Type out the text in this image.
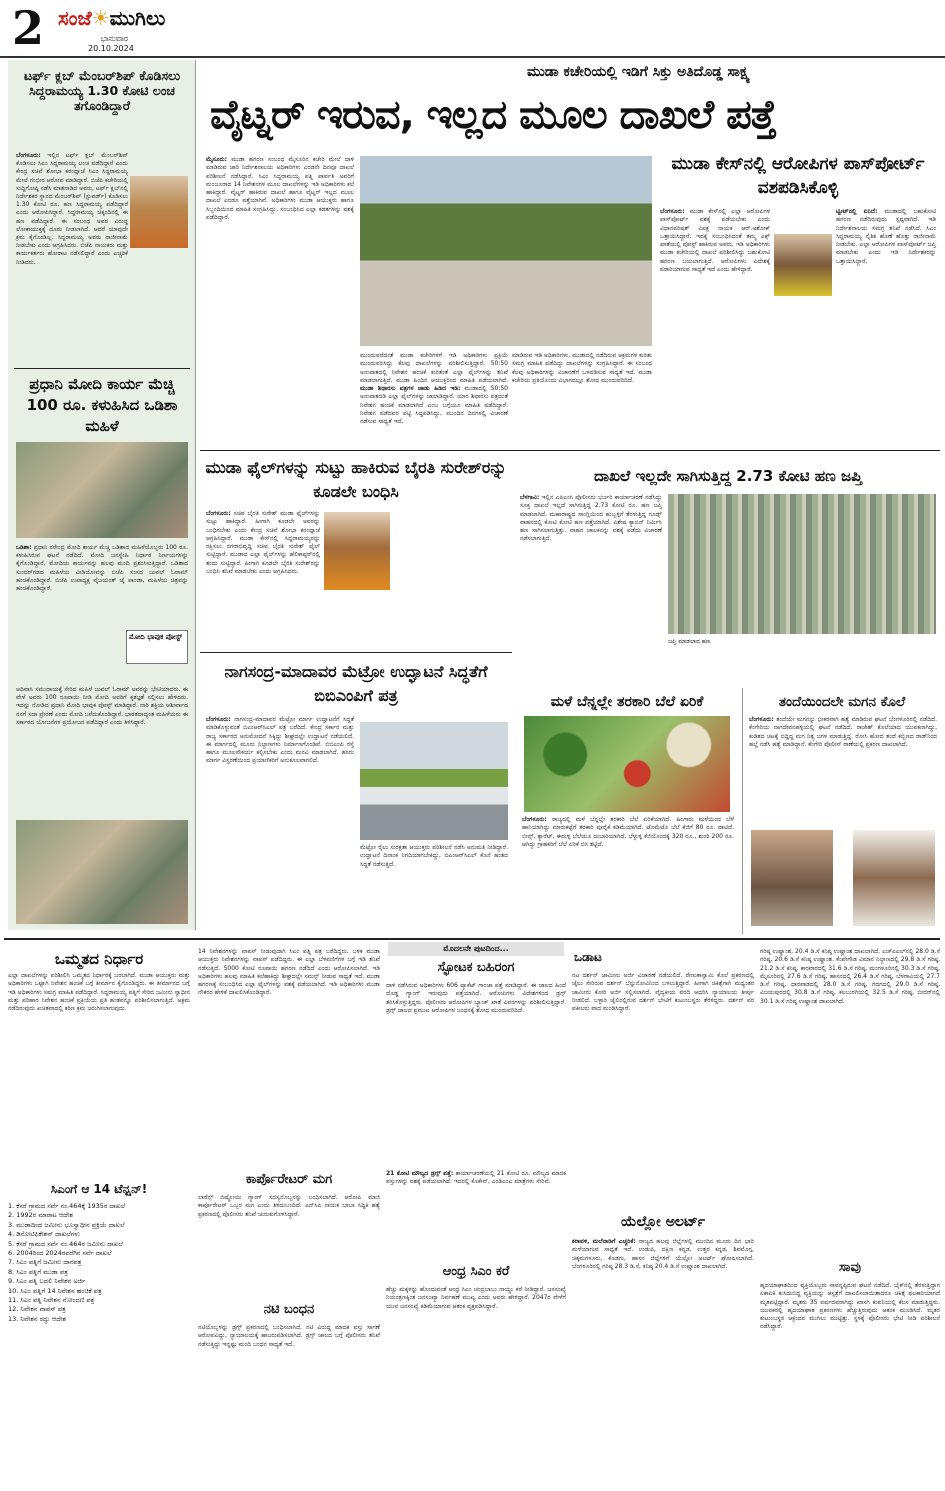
2 ಸಂಜೆ☀ಮುಗಿಲು
ಭಾನುವಾರ
20.10.2024
ಟರ್ಫ್ ಕ್ಲಬ್ ಮೆಂಬರ್‌ಶಿಪ್ ಕೊಡಿಸಲು ಸಿದ್ದರಾಮಯ್ಯ 1.30 ಕೋಟಿ ಲಂಚ ತಗೊಂಡಿದ್ದಾರೆ
ಬೆಂಗಳೂರು: ಇಲ್ಲಿನ ಟರ್ಫ್ ಕ್ಲಬ್ ಮೆಂಬರ್‌ಶಿಪ್ ಕೊಡಿಸಲು ಸಿಎಂ ಸಿದ್ದರಾಮಯ್ಯ ಲಂಚ ಪಡೆದಿದ್ದಾರೆ ಎಂದು ಕೇಂದ್ರ ಸಚಿವೆ ಶೋಭಾ ಕರಂದ್ಲಾಜೆ ಸಿಎಂ ಸಿದ್ದರಾಮಯ್ಯ ಮೇಲೆ ಗಂಭೀರ ಆರೋಪ ಮಾಡಿದ್ದಾರೆ. ಬಿಜೆಪಿ ಕಚೇರಿಯಲ್ಲಿ ಸುದ್ದಿಗೋಷ್ಠಿ ನಡೆಸಿ ಮಾತನಾಡಿದ ಅವರು, ಟರ್ಫ್ ಕ್ಲಬ್‌ನಲ್ಲಿ ನಿರ್ದೇಶಕರ ಸ್ಥಾನದ ಮೆಂಬರ್‌ಶಿಪ್ (ಸ್ಟುವರ್ಡ್) ಕೊಡಿಸಲು 1.30 ಕೋಟಿ ರೂ. ಹಣ ಸಿದ್ದರಾಮಯ್ಯ ಪಡೆದಿದ್ದಾರೆ ಎಂದು ಆರೋಪಿಸಿದ್ದಾರೆ. ಸಿದ್ದರಾಮಯ್ಯ ಚಿಕ್ಕಂದಿನಲ್ಲಿ ಈ ಹಣ ಪಡೆದಿದ್ದಾರೆ. ಈ ಸಂಬಂಧ ಅವರ ವಿರುದ್ಧ ಲೋಕಾಯುಕ್ತಕ್ಕೆ ದೂರು ನೀಡಲಾಗಿದೆ. ಆದರೆ ಯಾವುದೇ ಕ್ರಮ ಕೈಗೊಂಡಿಲ್ಲ. ಸಿದ್ದರಾಮಯ್ಯ ಅವರು ರಾಜೀನಾಮೆ ನೀಡಬೇಕು ಎಂದು ಆಗ್ರಹಿಸಿದರು. ಬಿಜೆಪಿ ನಾಯಕರು ಮತ್ತು ಕಾರ್ಯಕರ್ತರು ಹೋರಾಟ ನಡೆಸಲಿದ್ದಾರೆ ಎಂದು ಎಚ್ಚರಿಕೆ ನೀಡಿದರು.
ಪ್ರಧಾನಿ ಮೋದಿ ಕಾರ್ಯ ಮೆಚ್ಚಿ 100 ರೂ. ಕಳುಹಿಸಿದ ಒಡಿಶಾ ಮಹಿಳೆ
ಒಡಿಶಾ: ಪ್ರಧಾನಿ ನರೇಂದ್ರ ಮೋದಿ ಕಾರ್ಯ ಮೆಚ್ಚಿ ಒಡಿಶಾದ ಮಹಿಳೆಯೊಬ್ಬರು 100 ರೂ. ಕಳುಹಿಸಿರುವ ಘಟನೆ ನಡೆದಿದೆ. ಮೋದಿ ಜನಸ್ನೇಹಿ ನಿರ್ಧಾರ ನಿರ್ಣಯಗಳನ್ನು ಕೈಗೊಂಡಿದ್ದಾರೆ, ಮೋದಿಯ ಕಾರ್ಯವನ್ನು ಹಲವು ಮಂದಿ ಪ್ರಶಂಸಿಸುತ್ತಿದ್ದಾರೆ. ಒಡಿಶಾದ ಸುಂದರ್‌ಗಡದ ಮಹಿಳೆಯ ವೀಡಿಯೋವನ್ನು ಬಿಜೆಪಿ ಸಂಸದ ಜುವಲ್ ಓರಾಮ್ ಹಂಚಿಕೊಂಡಿದ್ದಾರೆ. ಬಿಜೆಪಿ ಉಪಾಧ್ಯಕ್ಷ ವೈಜಯಂತ್ ಜೈ ಪಾಂಡಾ, ಮಹಿಳೆಯ ಚಿತ್ರವನ್ನು ಹಂಚಿಕೊಂಡಿದ್ದಾರೆ.
ಮೋದಿ ಭಾವುಕ ಪೋಸ್ಟ್
ಆದಿವಾಸಿ ಸಮುದಾಯಕ್ಕೆ ಸೇರಿದ ಮಹಿಳೆ ಜುವಲ್ ಓರಾಮ್ ಅವರನ್ನು ಭೇಟಿಯಾದರು. ಈ ವೇಳೆ ಅವರು 100 ರೂಪಾಯಿ ನೀಡಿ ಮೋದಿ ಅವರಿಗೆ ಕೃತಜ್ಞತೆ ಸಲ್ಲಿಸಲು ಹೇಳಿದರು. ಇದನ್ನು ನೋಡಿದ ಪ್ರಧಾನಿ ಮೋದಿ ಭಾವುಕ ಪೋಸ್ಟ್ ಮಾಡಿದ್ದಾರೆ. ನಾರಿ ಶಕ್ತಿಯ ಆಶೀರ್ವಾದ ನನಗೆ ಸದಾ ಪ್ರೇರಣೆ ಎಂದು ಮೋದಿ ಬರೆದುಕೊಂಡಿದ್ದಾರೆ. ಭಾರತದಾದ್ಯಂತ ಮಹಿಳೆಯರು ಈ ಸರ್ಕಾರದ ಯೋಜನೆಗಳ ಪ್ರಯೋಜನ ಪಡೆದಿದ್ದಾರೆ ಎಂದು ತಿಳಿಸಿದ್ದಾರೆ.
ಮುಡಾ ಕಚೇರಿಯಲ್ಲಿ ಇಡಿಗೆ ಸಿಕ್ತು ಅತಿದೊಡ್ಡ ಸಾಕ್ಷ್ಯ
ವೈಟ್ನರ್ ಇರುವ, ಇಲ್ಲದ ಮೂಲ ದಾಖಲೆ ಪತ್ತೆ
ಮೈಸೂರು: ಮುಡಾ ಹಗರಣ ಸಂಬಂಧ ಮೈಸೂರಿನ ಕಚೇರಿ ಮೇಲೆ ದಾಳಿ ಮಾಡಿರುವ ಜಾರಿ ನಿರ್ದೇಶನಾಲಯ ಅಧಿಕಾರಿಗಳು ಎರಡನೇ ದಿನವೂ ದಾಖಲೆ ಪರಿಶೀಲನೆ ನಡೆಸಿದ್ದಾರೆ. ಸಿಎಂ ಸಿದ್ದರಾಮಯ್ಯ ಪತ್ನಿ ಪಾರ್ವತಿ ಅವರಿಗೆ ಮಂಜೂರಾದ 14 ನಿವೇಶನಗಳ ಮೂಲ ದಾಖಲೆಗಳನ್ನು ಇಡಿ ಅಧಿಕಾರಿಗಳು ಕಲೆ ಹಾಕಿದ್ದಾರೆ. ವೈಟ್ನರ್ ಹಾಕಿರುವ ದಾಖಲೆ ಹಾಗೂ ವೈಟ್ನರ್ ಇಲ್ಲದ ಮೂಲ ದಾಖಲೆ ಎರಡೂ ಪತ್ತೆಯಾಗಿವೆ. ಅಧಿಕಾರಿಗಳು ಮುಡಾ ಆಯುಕ್ತರು ಹಾಗೂ ಸಿಬ್ಬಂದಿಯಿಂದ ಮಾಹಿತಿ ಸಂಗ್ರಹಿಸಿದ್ದು, ಸಂಬಂಧಿಸಿದ ಎಲ್ಲಾ ಕಡತಗಳನ್ನು ವಶಕ್ಕೆ ಪಡೆದಿದ್ದಾರೆ.
ಮುಂದುವರೆದಂತೆ ಮುಡಾ ಕಚೇರಿಗಳಿಗೆ ಇಡಿ ಅಧಿಕಾರಿಗಳು ಪ್ರಕ್ರಿಯೆ ಮುಂದುವರಿಸಿದ್ದು ಕೆಲವು ದಾಖಲೆಗಳನ್ನು ಪರಿಶೀಲಿಸುತ್ತಿದ್ದಾರೆ. 50:50 ಅನುಪಾತದಲ್ಲಿ ನಿವೇಶನ ಹಂಚಿಕೆ ಕುರಿತಂತೆ ಎಲ್ಲಾ ಫೈಲ್‌ಗಳನ್ನು ತನಿಖೆ ಮಾಡಲಾಗುತ್ತಿದೆ. ಮುಡಾ ಹಿಂದಿನ ಆಯುಕ್ತರಿಂದ ಮಾಹಿತಿ ಪಡೆಯಲಾಗಿದೆ. ಮುಡಾ ಶಿಥಾರಸು ಪತ್ರಗಳ ಜಾಡು ಹಿಡಿದ ಇಡಿ: ಮುಡಾದಲ್ಲಿ 50:50 ಅನುಪಾತದಡಿ ಎಲ್ಲಾ ಫೈಲ್‌ಗಳನ್ನು ಜಾಲಾಡಿದ್ದಾರೆ. ಯಾರ ಶಿಫಾರಸು ಪತ್ರದಂತೆ ನಿವೇಶನ ಹಂಚಿಕೆ ಮಾಡಲಾಗಿದೆ ಎಂಬ ಬಗ್ಗೆಯೂ ಮಾಹಿತಿ ಪಡೆದಿದ್ದಾರೆ. ನಿವೇಶನ ಪಡೆದವರ ಪಟ್ಟಿ ಸಿದ್ಧಪಡಿಸಿದ್ದು, ಮುಂದಿನ ದಿನಗಳಲ್ಲಿ ವಿಚಾರಣೆ ನಡೆಸುವ ಸಾಧ್ಯತೆ ಇದೆ.
ಮಾಡಿರುವ ಇಡಿ ಅಧಿಕಾರಿಗಳು, ಮುಡಾದಲ್ಲಿ ನಡೆದಿರುವ ಅಕ್ರಮಗಳ ಕುರಿತು ಸಮಗ್ರ ಮಾಹಿತಿ ಪಡೆದಿದ್ದು ದಾಖಲೆಗಳನ್ನು ಸಂಗ್ರಹಿಸಿದ್ದಾರೆ. ಈ ಸಂಬಂಧ ಕೆಲವು ಅಧಿಕಾರಿಗಳನ್ನು ವಿಚಾರಣೆಗೆ ಒಳಪಡಿಸುವ ಸಾಧ್ಯತೆ ಇದೆ. ಮುಡಾ ಕಚೇರಿಯ ಪ್ರತಿಯೊಂದು ವಿಭಾಗದಲ್ಲೂ ಶೋಧ ಮುಂದುವರಿದಿದೆ.
ಮುಡಾ ಕೇಸ್‌ನಲ್ಲಿ ಆರೋಪಿಗಳ ಪಾಸ್‌ಪೋರ್ಟ್ ವಶಪಡಿಸಿಕೊಳ್ಳಿ
ಬೆಂಗಳೂರು: ಮುಡಾ ಕೇಸ್‌ನಲ್ಲಿ ಎಲ್ಲಾ ಆರೋಪಿಗಳ ಪಾಸ್‌ಪೋರ್ಟ್ ವಶಕ್ಕೆ ಪಡೆಯಬೇಕು ಎಂದು ವಿಧಾನಪರಿಷತ್ ವಿಪಕ್ಷ ನಾಯಕ ಆರ್.ಅಶೋಕ್ ಒತ್ತಾಯಿಸಿದ್ದಾರೆ. ಇದಕ್ಕೆ ಸಂಬಂಧಿಸಿದಂತೆ ತಮ್ಮ ಎಕ್ಸ್ ಖಾತೆಯಲ್ಲಿ ಪೋಸ್ಟ್ ಹಾಕಿರುವ ಅವರು, ಇಡಿ ಅಧಿಕಾರಿಗಳು ಮುಡಾ ಕಚೇರಿಯಲ್ಲಿ ದಾಖಲೆ ಪರಿಶೀಲಿಸಿದ್ದು ಬಹುಕೋಟಿ ಹಗರಣ ಬಯಲಾಗುತ್ತಿದೆ. ಆರೋಪಿಗಳು ವಿದೇಶಕ್ಕೆ ಪರಾರಿಯಾಗುವ ಸಾಧ್ಯತೆ ಇದೆ ಎಂದು ಹೇಳಿದ್ದಾರೆ.
ಟ್ವೀಟ್‌ನಲ್ಲಿ ಏನಿದೆ: ಮುಡಾದಲ್ಲಿ ಬಹುಕೋಟಿ ಹಗರಣ ನಡೆದಿರುವುದು ಸ್ಪಷ್ಟವಾಗಿದೆ. ಇಡಿ ನಿರ್ದೇಶನಾಲಯ ಸಮಗ್ರ ತನಿಖೆ ನಡೆಸಿದೆ. ಸಿಎಂ ಸಿದ್ದರಾಮಯ್ಯ ನೈತಿಕ ಹೊಣೆ ಹೊತ್ತು ರಾಜೀನಾಮೆ ನೀಡಬೇಕು. ಎಲ್ಲಾ ಆರೋಪಿಗಳ ಪಾಸ್‌ಪೋರ್ಟ್ ಜಪ್ತಿ ಮಾಡಬೇಕು ಎಂದು ಇಡಿ ನಿರ್ದೇಶಕರನ್ನು ಒತ್ತಾಯಿಸಿದ್ದಾರೆ.
ಮುಡಾ ಫೈಲ್‌ಗಳನ್ನು ಸುಟ್ಟು ಹಾಕಿರುವ ಬೈರತಿ ಸುರೇಶ್‌ರನ್ನು ಕೂಡಲೇ ಬಂಧಿಸಿ
ಬೆಂಗಳೂರು: ಸಚಿವ ಬೈರತಿ ಸುರೇಶ್ ಮುಡಾ ಫೈಲ್‌ಗಳನ್ನು ಸುಟ್ಟು ಹಾಕಿದ್ದಾರೆ. ಹೀಗಾಗಿ ಕೂಡಲೇ ಅವರನ್ನು ಬಂಧಿಸಬೇಕು ಎಂದು ಕೇಂದ್ರ ಸಚಿವೆ ಶೋಭಾ ಕರಂದ್ಲಾಜೆ ಆಗ್ರಹಿಸಿದ್ದಾರೆ. ಮುಡಾ ಕೇಸ್‌ನಲ್ಲಿ ಸಿದ್ದರಾಮಯ್ಯರನ್ನು ರಕ್ಷಿಸಲು ನಗರಾಭಿವೃದ್ಧಿ ಸಚಿವ ಬೈರತಿ ಸುರೇಶ್ ಫೈಲ್ ಸುಟ್ಟಿದ್ದಾರೆ. ಮುಡಾದ ಎಲ್ಲಾ ಫೈಲ್‌ಗಳನ್ನು ಹೆಲಿಕಾಪ್ಟರ್‌ನಲ್ಲಿ ತಂದು ಸುಟ್ಟಿದ್ದಾರೆ. ಹೀಗಾಗಿ ಕೂಡಲೇ ಬೈರತಿ ಸುರೇಶ್‌ರನ್ನು ಬಂಧಿಸಿ ತನಿಖೆ ಮಾಡಬೇಕು ಎಂದು ಆಗ್ರಹಿಸಿದರು.
ದಾಖಲೆ ಇಲ್ಲದೇ ಸಾಗಿಸುತ್ತಿದ್ದ 2.73 ಕೋಟಿ ಹಣ ಜಪ್ತಿ
ಬೆಳಗಾವಿ: ಇಲ್ಲಿನ ಎಪಿಎಂಸಿ ಪೊಲೀಸರು ಭರ್ಜರಿ ಕಾರ್ಯಾಚರಣೆ ನಡೆಸಿದ್ದು ಸೂಕ್ತ ದಾಖಲೆ ಇಲ್ಲದೆ ಸಾಗಿಸುತ್ತಿದ್ದ 2.73 ಕೋಟಿ ರೂ. ಹಣ ಜಪ್ತಿ ಮಾಡಲಾಗಿದೆ. ಮಹಾರಾಷ್ಟ್ರದ ಸಾಂಗ್ಲಿಯಿಂದ ಹುಬ್ಬಳ್ಳಿಗೆ ತೆರಳುತ್ತಿದ್ದ ಗೂಡ್ಸ್ ವಾಹನದಲ್ಲಿ ಕೋಟಿ ಕೋಟಿ ಹಣ ಪತ್ತೆಯಾಗಿದೆ. ವಿಶೇಷ ಕ್ಯಾಬಿನ್ ನಿರ್ಮಿಸಿ ಹಣ ಸಾಗಿಸಲಾಗುತ್ತಿತ್ತು. ವಾಹನ ಚಾಲಕನನ್ನು ವಶಕ್ಕೆ ಪಡೆದು ವಿಚಾರಣೆ ನಡೆಸಲಾಗುತ್ತಿದೆ.
ಜಪ್ತಿ ಮಾಡಲಾದ ಹಣ
ನಾಗಸಂದ್ರ-ಮಾದಾವರ ಮೆಟ್ರೋ ಉದ್ಘಾಟನೆ ಸಿದ್ಧತೆಗೆ ಬಿಬಿಎಂಪಿಗೆ ಪತ್ರ
ಬೆಂಗಳೂರು: ನಾಗಸಂದ್ರ-ಮಾದಾವರ ಮೆಟ್ರೋ ಮಾರ್ಗ ಉದ್ಘಾಟನೆಗೆ ಸಿದ್ಧತೆ ಮಾಡಿಕೊಳ್ಳುವಂತೆ ಬಿಎಂಆರ್‌ಸಿಎಲ್ ಪತ್ರ ಬರೆದಿದೆ. ಕೇಂದ್ರ ಸರ್ಕಾರ ಮತ್ತು ರಾಜ್ಯ ಸರ್ಕಾರದ ಅನುಮೋದನೆ ಸಿಕ್ಕಿದ್ದು ಶೀಘ್ರದಲ್ಲೇ ಉದ್ಘಾಟನೆ ನಡೆಯಲಿದೆ. ಈ ಮಾರ್ಗದಲ್ಲಿ ಮೂರು ನಿಲ್ದಾಣಗಳು ನಿರ್ಮಾಣಗೊಂಡಿವೆ. ಬಿಬಿಎಂಪಿ ರಸ್ತೆ ಹಾಗೂ ಮೂಲಸೌಕರ್ಯ ಕಲ್ಪಿಸಬೇಕು ಎಂದು ಮನವಿ ಮಾಡಲಾಗಿದೆ. ಹಸಿರು ಮಾರ್ಗ ವಿಸ್ತರಣೆಯಿಂದ ಪ್ರಯಾಣಿಕರಿಗೆ ಅನುಕೂಲವಾಗಲಿದೆ.
ಮೆಟ್ರೋ ರೈಲು ಸುರಕ್ಷತಾ ಆಯುಕ್ತರು ಪರಿಶೀಲನೆ ನಡೆಸಿ ಅನುಮತಿ ನೀಡಿದ್ದಾರೆ. ಉದ್ಘಾಟನೆ ದಿನಾಂಕ ನಿಗದಿಯಾಗಬೇಕಿದ್ದು, ಬಿಎಂಆರ್‌ಸಿಎಲ್ ಕೊನೆ ಹಂತದ ಸಿದ್ಧತೆ ನಡೆಸುತ್ತಿದೆ.
ಮಳೆ ಬೆನ್ನಲ್ಲೇ ತರಕಾರಿ ಬೆಲೆ ಏರಿಕೆ
ಬೆಂಗಳೂರು: ರಾಜ್ಯದಲ್ಲಿ ಮಳೆ ಬೆನ್ನಲ್ಲೇ ತರಕಾರಿ ಬೆಲೆ ಏರಿಕೆಯಾಗಿದೆ. ಹಿಂಗಾರು ಮಳೆಯಿಂದ ಬೆಳೆ ಹಾನಿಯಾಗಿದ್ದು ಮಾರುಕಟ್ಟೆಗೆ ತರಕಾರಿ ಪೂರೈಕೆ ಕಡಿಮೆಯಾಗಿದೆ. ಟೊಮೆಟೊ ಬೆಲೆ ಕೆಜಿಗೆ 80 ರೂ. ದಾಟಿದೆ. ಬೀನ್ಸ್, ಕ್ಯಾರೆಟ್, ಈರುಳ್ಳಿ ಬೆಲೆಯೂ ದುಬಾರಿಯಾಗಿದೆ. ಬೆಳ್ಳುಳ್ಳಿ ಕೆಜಿಯೊಂದಕ್ಕೆ 320 ರೂ., ಶುಂಠಿ 200 ರೂ. ಆಗಿದ್ದು ಗ್ರಾಹಕರಿಗೆ ಬೆಲೆ ಏರಿಕೆ ಬಿಸಿ ತಟ್ಟಿದೆ.
ತಂದೆಯಿಂದಲೇ ಮಗನ ಕೊಲೆ
ಬೆಂಗಳೂರು: ತಂದೆಯೇ ಮಗನನ್ನು ಭೀಕರವಾಗಿ ಹತ್ಯೆ ಮಾಡಿರುವ ಘಟನೆ ಬೆಂಗಳೂರಿನಲ್ಲಿ ನಡೆದಿದೆ. ಕೆಂಗೇರಿಯ ನಾಗದೇವನಹಳ್ಳಿಯಲ್ಲಿ ಘಟನೆ ನಡೆದಿದೆ. ರಾಜೇಶ್ ಕೊಲೆಯಾದ ಯುವಕನಾಗಿದ್ದು, ಕುಡಿತದ ಚಟಕ್ಕೆ ಬಿದ್ದಿದ್ದ ಮಗ ನಿತ್ಯ ಜಗಳ ಮಾಡುತ್ತಿದ್ದ. ರೋಸಿ ಹೋದ ತಂದೆ ಕಬ್ಬಿಣದ ರಾಡ್‌ನಿಂದ ಹಲ್ಲೆ ನಡೆಸಿ ಹತ್ಯೆ ಮಾಡಿದ್ದಾನೆ. ಕೆಂಗೇರಿ ಪೊಲೀಸ್ ಠಾಣೆಯಲ್ಲಿ ಪ್ರಕರಣ ದಾಖಲಾಗಿದೆ.
ಒಮ್ಮತದ ನಿರ್ಧಾರ
ಎಲ್ಲಾ ದಾಖಲೆಗಳನ್ನು ಪರಿಶೀಲಿಸಿ ಒಮ್ಮತದ ನಿರ್ಧಾರಕ್ಕೆ ಬರಲಾಗಿದೆ. ಮುಡಾ ಆಯುಕ್ತರು ಮತ್ತು ಅಧಿಕಾರಿಗಳು ಒಟ್ಟಾಗಿ ನಿವೇಶನ ಹಂಚಿಕೆ ಬಗ್ಗೆ ತೀರ್ಮಾನ ಕೈಗೊಂಡಿದ್ದರು. ಈ ತೀರ್ಮಾನದ ಬಗ್ಗೆ ಇಡಿ ಅಧಿಕಾರಿಗಳು ಸಮಗ್ರ ಮಾಹಿತಿ ಪಡೆದಿದ್ದಾರೆ. ಸಿದ್ದರಾಮಯ್ಯ ಪತ್ನಿಗೆ ಸೇರಿದ ಜಮೀನು ಸ್ವಾಧೀನ ಮತ್ತು ಪರಿಹಾರ ನಿವೇಶನ ಹಂಚಿಕೆ ಪ್ರಕ್ರಿಯೆಯ ಪ್ರತಿ ಹಂತವನ್ನೂ ಪರಿಶೀಲಿಸಲಾಗುತ್ತಿದೆ. ಅಕ್ರಮ ನಡೆದಿರುವುದು ಖಚಿತವಾದಲ್ಲಿ ಕಠಿಣ ಕ್ರಮ ಜರುಗಿಸಲಾಗುವುದು.
ಸಿಎಂಗೆ ಆ 14 ಟೆನ್ಷನ್!
1. ಕೆಸರೆ ಗ್ರಾಮದ ಸರ್ವೆ ನಂ.464ಕ್ಕೆ 1935ರ ದಾಖಲೆ
2. 1992ರ ಮಾರಾಟ ಆದೇಶ
3. ಮುಡಾದಿಂದ ಜಮೀನು ಭೂಸ್ವಾಧೀನ ಪ್ರಕ್ರಿಯೆ ದಾಖಲೆ
4. ಡಿನೋಟಿಫಿಕೇಶನ್ ದಾಖಲೆಗಳು
5. ಕೆಸರೆ ಗ್ರಾಮದ ಸರ್ವೆ ನಂ.464ರ ಜಮೀನು ದಾಖಲೆ
6. 2004ರಿಂದ 2024ರವರೆಗಿನ ಸರ್ವೆ ದಾಖಲೆ
7. ಸಿಎಂ ಪತ್ನಿಗೆ ಜಮೀನು ದಾನಪತ್ರ
8. ಸಿಎಂ ಪತ್ನಿಗೆ ಮುಡಾ ಪತ್ರ
9. ಸಿಎಂ ಪತ್ನಿ ಬದಲಿ ನಿವೇಶನ ಅರ್ಜಿ
10. ಸಿಎಂ ಪತ್ನಿಗೆ 14 ನಿವೇಶನ ಹಂಚಿಕೆ ಪತ್ರ
11. ಸಿಎಂ ಪತ್ನಿ ನಿವೇಶನ ನೋಂದಣಿ ಪತ್ರ
12. ನಿವೇಶನ ವಾಪಸ್ ಪತ್ರ
13. ನಿವೇಶನ ರದ್ದು ಆದೇಶ
14 ನಿವೇಶನಗಳನ್ನು ವಾಪಸ್ ನೀಡುವುದಾಗಿ ಸಿಎಂ ಪತ್ನಿ ಪತ್ರ ಬರೆದಿದ್ದರು. ಬಳಿಕ ಮುಡಾ ಆಯುಕ್ತರು ನಿವೇಶನಗಳನ್ನು ವಾಪಸ್ ಪಡೆದಿದ್ದರು. ಈ ಎಲ್ಲಾ ಬೆಳವಣಿಗೆಗಳ ಬಗ್ಗೆ ಇಡಿ ತನಿಖೆ ನಡೆಸುತ್ತಿದೆ. 5000 ಕೋಟಿ ರೂಪಾಯಿ ಹಗರಣ ನಡೆದಿದೆ ಎಂದು ಆರೋಪಿಸಲಾಗಿದೆ. ಇಡಿ ಅಧಿಕಾರಿಗಳು ಹಲವು ಮಾಹಿತಿ ಕಲೆಹಾಕಿದ್ದು ಶೀಘ್ರದಲ್ಲೇ ಸಮನ್ಸ್ ನೀಡುವ ಸಾಧ್ಯತೆ ಇದೆ. ಮುಡಾ ಹಗರಣಕ್ಕೆ ಸಂಬಂಧಿಸಿದ ಎಲ್ಲಾ ಫೈಲ್‌ಗಳನ್ನು ವಶಕ್ಕೆ ಪಡೆಯಲಾಗಿದೆ. ಇಡಿ ಅಧಿಕಾರಿಗಳು ಮುಡಾ ನೌಕರರ ಹೇಳಿಕೆ ದಾಖಲಿಸಿಕೊಂಡಿದ್ದಾರೆ.
ಕಾರ್ಪೊರೇಟರ್ ಮಗ
ಲಾರೆನ್ಸ್ ಬಿಷ್ಣೋಯಿ ಗ್ಯಾಂಗ್ ಸದಸ್ಯನೊಬ್ಬನನ್ನು ಬಂಧಿಸಲಾಗಿದೆ. ಆರೋಪಿ ಮಾಜಿ ಕಾರ್ಪೊರೇಟರ್ ಒಬ್ಬರ ಮಗ ಎಂದು ತಿಳಿದುಬಂದಿದೆ. ಎನ್‌ಸಿಪಿ ನಾಯಕ ಬಾಬಾ ಸಿದ್ದಿಕಿ ಹತ್ಯೆ ಪ್ರಕರಣದಲ್ಲಿ ಪೊಲೀಸರು ತನಿಖೆ ಚುರುಕುಗೊಳಿಸಿದ್ದಾರೆ.
ನಟಿ ಬಂಧನ
ನಟಿಯೊಬ್ಬಳನ್ನು ಡ್ರಗ್ಸ್ ಪ್ರಕರಣದಲ್ಲಿ ಬಂಧಿಸಲಾಗಿದೆ. ನಟಿ ವಿರುದ್ಧ ಮಾದಕ ವಸ್ತು ಸಾಗಣೆ ಆರೋಪವಿದ್ದು, ನ್ಯಾಯಾಲಯಕ್ಕೆ ಹಾಜರುಪಡಿಸಲಾಗಿದೆ. ಡ್ರಗ್ಸ್ ಜಾಲದ ಬಗ್ಗೆ ಪೊಲೀಸರು ತನಿಖೆ ನಡೆಸುತ್ತಿದ್ದು ಇನ್ನಷ್ಟು ಮಂದಿ ಬಂಧನ ಸಾಧ್ಯತೆ ಇದೆ.
ಮೊದಲನೇ ಪುಟದಿಂದ...
ಸ್ಫೋಟಕ ಬಹಿರಂಗ
ದಾಳಿ ನಡೆಸಿರುವ ಅಧಿಕಾರಿಗಳು 606 ಪ್ಯಾಕೆಟ್ ಗಾಂಜಾ ಪತ್ತೆ ಮಾಡಿದ್ದಾರೆ. ಈ ಜಾಲದ ಹಿಂದೆ ದೊಡ್ಡ ಗ್ಯಾಂಗ್ ಇರುವುದು ಪತ್ತೆಯಾಗಿದೆ. ಆರೋಪಿಗಳು ವಿದೇಶಗಳಿಂದ ಡ್ರಗ್ಸ್ ತರಿಸಿಕೊಳ್ಳುತ್ತಿದ್ದರು. ಪೊಲೀಸರು ಆರೋಪಿಗಳ ಬ್ಯಾಂಕ್ ಖಾತೆ ವಿವರಗಳನ್ನು ಪರಿಶೀಲಿಸುತ್ತಿದ್ದಾರೆ. ಡ್ರಗ್ಸ್ ಜಾಲದ ಪ್ರಮುಖ ಆರೋಪಿಗಳ ಬಂಧನಕ್ಕೆ ಶೋಧ ಮುಂದುವರಿದಿದೆ.
21 ಕೋಟಿ ಮೌಲ್ಯದ ಡ್ರಗ್ಸ್ ಪತ್ತೆ: ಕಾರ್ಯಾಚರಣೆಯಲ್ಲಿ 21 ಕೋಟಿ ರೂ. ಮೌಲ್ಯದ ಮಾದಕ ವಸ್ತುಗಳನ್ನು ವಶಕ್ಕೆ ಪಡೆಯಲಾಗಿದೆ. ಇದರಲ್ಲಿ ಕೊಕೇನ್, ಎಂಡಿಎಂಎ ಮಾತ್ರೆಗಳು ಸೇರಿವೆ.
ಆಂಧ್ರ ಸಿಎಂ ಕರೆ
ಹೆಚ್ಚು ಮಕ್ಕಳನ್ನು ಹೊಂದುವಂತೆ ಆಂಧ್ರ ಸಿಎಂ ಚಂದ್ರಬಾಬು ನಾಯ್ಡು ಕರೆ ನೀಡಿದ್ದಾರೆ. ಜನಸಂಖ್ಯೆ ನಿಯಂತ್ರಣಕ್ಕಿಂತ ಜನಸಂಖ್ಯಾ ನಿರ್ವಹಣೆ ಮುಖ್ಯ ಎಂದು ಅವರು ಹೇಳಿದ್ದಾರೆ. 2047ರ ವೇಳೆಗೆ ಯುವ ಜನಸಂಖ್ಯೆ ಕಡಿಮೆಯಾಗುವ ಆತಂಕ ವ್ಯಕ್ತಪಡಿಸಿದ್ದಾರೆ.
ಒಡಾಟ
ನಟ ದರ್ಶನ್ ಜಾಮೀನು ಅರ್ಜಿ ವಿಚಾರಣೆ ನಡೆಯಲಿದೆ. ರೇಣುಕಾಸ್ವಾಮಿ ಕೊಲೆ ಪ್ರಕರಣದಲ್ಲಿ ಜೈಲು ಸೇರಿರುವ ದರ್ಶನ್ ಬೆನ್ನುನೋವಿನಿಂದ ಬಳಲುತ್ತಿದ್ದಾರೆ. ಹೀಗಾಗಿ ಚಿಕಿತ್ಸೆಗಾಗಿ ಮಧ್ಯಂತರ ಜಾಮೀನು ಕೋರಿ ಅರ್ಜಿ ಸಲ್ಲಿಸಲಾಗಿದೆ. ವೈದ್ಯಕೀಯ ವರದಿ ಆಧರಿಸಿ ನ್ಯಾಯಾಲಯ ತೀರ್ಪು ನೀಡಲಿದೆ. ಬಳ್ಳಾರಿ ಜೈಲಿನಲ್ಲಿರುವ ದರ್ಶನ್ ಭೇಟಿಗೆ ಕುಟುಂಬಸ್ಥರು ತೆರಳಿದ್ದರು. ದರ್ಶನ್ ಪರ ವಕೀಲರು ವಾದ ಮಂಡಿಸಿದ್ದಾರೆ.
ಯೆಲ್ಲೋ ಅಲರ್ಟ್
ಕರಾವಳಿ, ಮಲೆನಾಡಿಗೆ ಎಚ್ಚರಿಕೆ: ರಾಜ್ಯದ ಹಲವು ಜಿಲ್ಲೆಗಳಲ್ಲಿ ಮುಂದಿನ ಮೂರು ದಿನ ಭಾರಿ ಮಳೆಯಾಗುವ ಸಾಧ್ಯತೆ ಇದೆ. ಉಡುಪಿ, ದಕ್ಷಿಣ ಕನ್ನಡ, ಉತ್ತರ ಕನ್ನಡ, ಶಿವಮೊಗ್ಗ, ಚಿಕ್ಕಮಗಳೂರು, ಕೊಡಗು, ಹಾಸನ ಜಿಲ್ಲೆಗಳಿಗೆ ಯೆಲ್ಲೋ ಅಲರ್ಟ್ ಘೋಷಿಸಲಾಗಿದೆ. ಬೆಂಗಳೂರಿನಲ್ಲಿ ಗರಿಷ್ಠ 28.3 ಡಿ.ಸೆ, ಕನಿಷ್ಠ 20.4 ಡಿ.ಸೆ ಉಷ್ಣಾಂಶ ದಾಖಲಾಗಿದೆ.
ಗರಿಷ್ಠ ಉಷ್ಣಾಂಶ, 20.4 ಡಿ.ಸೆ ಕನಿಷ್ಠ ಉಷ್ಣಾಂಶ ದಾಖಲಾಗಿದೆ. ಎಚ್‌ಎಎಲ್‌ನಲ್ಲಿ 28.0 ಡಿ.ಸೆ ಗರಿಷ್ಠ, 20.6 ಡಿ.ಸೆ ಕನಿಷ್ಠ ಉಷ್ಣಾಂಶ. ಕೆಂಪೇಗೌಡ ವಿಮಾನ ನಿಲ್ದಾಣದಲ್ಲಿ 29.8 ಡಿ.ಸೆ ಗರಿಷ್ಠ, 21.2 ಡಿ.ಸೆ ಕನಿಷ್ಠ. ಕಾರವಾರದಲ್ಲಿ 31.6 ಡಿ.ಸೆ ಗರಿಷ್ಠ, ಮಂಗಳೂರಿನಲ್ಲಿ 30.3 ಡಿ.ಸೆ ಗರಿಷ್ಠ, ಮೈಸೂರಿನಲ್ಲಿ 27.6 ಡಿ.ಸೆ ಗರಿಷ್ಠ, ಹಾಸನದಲ್ಲಿ 26.4 ಡಿ.ಸೆ ಗರಿಷ್ಠ, ಬೆಳಗಾವಿಯಲ್ಲಿ 27.7 ಡಿ.ಸೆ ಗರಿಷ್ಠ, ಧಾರವಾಡದಲ್ಲಿ 28.0 ಡಿ.ಸೆ ಗರಿಷ್ಠ, ಗದಗದಲ್ಲಿ 29.0 ಡಿ.ಸೆ ಗರಿಷ್ಠ, ವಿಜಯಪುರದಲ್ಲಿ 30.8 ಡಿ.ಸೆ ಗರಿಷ್ಠ, ಕಲಬುರಗಿಯಲ್ಲಿ 32.5 ಡಿ.ಸೆ ಗರಿಷ್ಠ, ಬೀದರ್‌ನಲ್ಲಿ 30.1 ಡಿ.ಸೆ ಗರಿಷ್ಠ ಉಷ್ಣಾಂಶ ದಾಖಲಾಗಿದೆ.
ಸಾವು
ಹೃದಯಾಘಾತದಿಂದ ವ್ಯಕ್ತಿಯೊಬ್ಬರು ಸಾವನ್ನಪ್ಪಿರುವ ಘಟನೆ ನಡೆದಿದೆ. ಬೈಕ್‌ನಲ್ಲಿ ತೆರಳುತ್ತಿದ್ದಾಗ ಏಕಾಏಕಿ ಕುಸಿದುಬಿದ್ದ ವ್ಯಕ್ತಿಯನ್ನು ಆಸ್ಪತ್ರೆಗೆ ದಾಖಲಿಸಲಾಯಿತಾದರೂ ಚಿಕಿತ್ಸೆ ಫಲಕಾರಿಯಾಗದೆ ಮೃತಪಟ್ಟಿದ್ದಾರೆ. ಮೃತರು 35 ವರ್ಷದವರಾಗಿದ್ದು ಖಾಸಗಿ ಕಂಪನಿಯಲ್ಲಿ ಕೆಲಸ ಮಾಡುತ್ತಿದ್ದರು. ಯುವಕರಲ್ಲಿ ಹೃದಯಾಘಾತ ಪ್ರಕರಣಗಳು ಹೆಚ್ಚುತ್ತಿರುವುದು ಆತಂಕ ಮೂಡಿಸಿದೆ. ಮೃತರ ಕುಟುಂಬಸ್ಥರ ಆಕ್ರಂದನ ಮುಗಿಲು ಮುಟ್ಟಿತ್ತು. ಸ್ಥಳಕ್ಕೆ ಪೊಲೀಸರು ಭೇಟಿ ನೀಡಿ ಪರಿಶೀಲನೆ ನಡೆಸಿದ್ದಾರೆ.
